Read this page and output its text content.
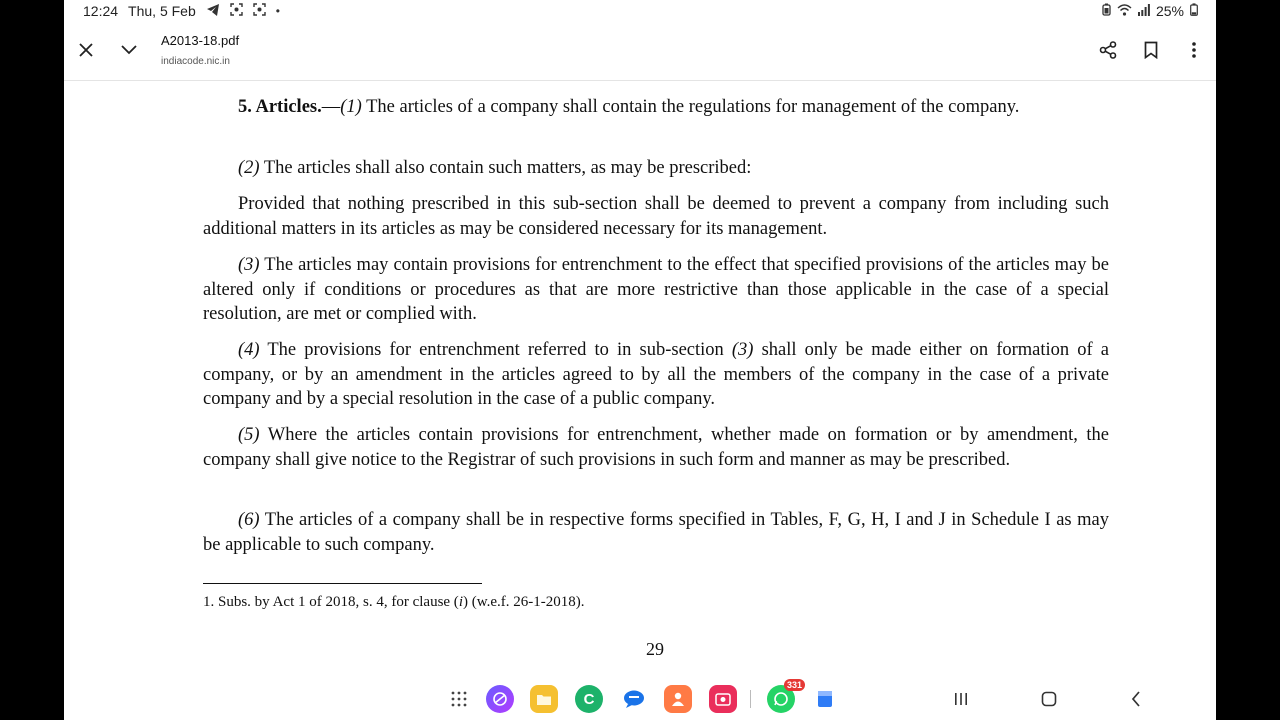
12:24 Thu, 5 Feb	•	25%
A2013-18.pdf
indiacode.nic.in

5. Articles.—(1) The articles of a company shall contain the regulations for management of the company.

(2) The articles shall also contain such matters, as may be prescribed:

Provided that nothing prescribed in this sub-section shall be deemed to prevent a company from including such additional matters in its articles as may be considered necessary for its management.

(3) The articles may contain provisions for entrenchment to the effect that specified provisions of the articles may be altered only if conditions or procedures as that are more restrictive than those applicable in the case of a special resolution, are met or complied with.

(4) The provisions for entrenchment referred to in sub-section (3) shall only be made either on formation of a company, or by an amendment in the articles agreed to by all the members of the company in the case of a private company and by a special resolution in the case of a public company.

(5) Where the articles contain provisions for entrenchment, whether made on formation or by amendment, the company shall give notice to the Registrar of such provisions in such form and manner as may be prescribed.

(6) The articles of a company shall be in respective forms specified in Tables, F, G, H, I and J in Schedule I as may be applicable to such company.

1. Subs. by Act 1 of 2018, s. 4, for clause (i) (w.e.f. 26-1-2018).
29
C
331
